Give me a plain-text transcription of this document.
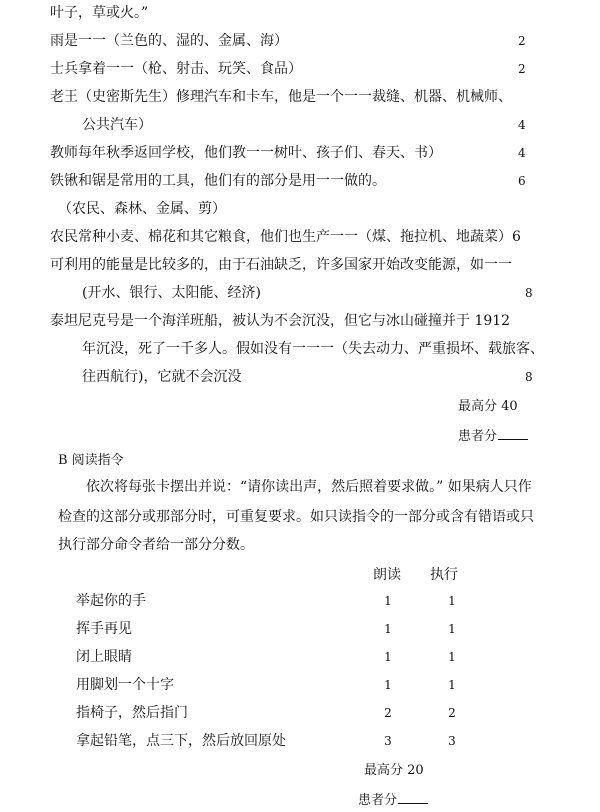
叶子，草或火。”
雨是一一（兰色的、湿的、金属、海）	2
士兵拿着一一（枪、射击、玩笑、食品）	2
老王（史密斯先生）修理汽车和卡车，他是一个一一裁缝、机器、机械师、
公共汽车）	4
教师每年秋季返回学校，他们教一一树叶、孩子们、春天、书）	4
铁锹和锯是常用的工具，他们有的部分是用一一做的。	6
（农民、森林、金属、剪）
农民常种小麦、棉花和其它粮食，他们也生产一一（煤、拖拉机、地蔬菜）6
可利用的能量是比较多的，由于石油缺乏，许多国家开始改变能源，如一一
(开水、银行、太阳能、经济)	8
泰坦尼克号是一个海洋班船，被认为不会沉没，但它与冰山碰撞并于 1912
年沉没，死了一千多人。假如没有一一一（失去动力、严重损坏、载旅客、
往西航行)，它就不会沉没	8
最高分 40
患者分
B 阅读指令
依次将每张卡摆出并说：“请你读出声，然后照着要求做。” 如果病人只作
检查的这部分或那部分时，可重复要求。如只读指令的一部分或含有错语或只
执行部分命令者给一部分分数。
朗读 执行
举起你的手	1	1
挥手再见	1	1
闭上眼睛	1	1
用脚划一个十字	1	1
指椅子，然后指门	2	2
拿起铅笔，点三下，然后放回原处	3	3
最高分 20
患者分
